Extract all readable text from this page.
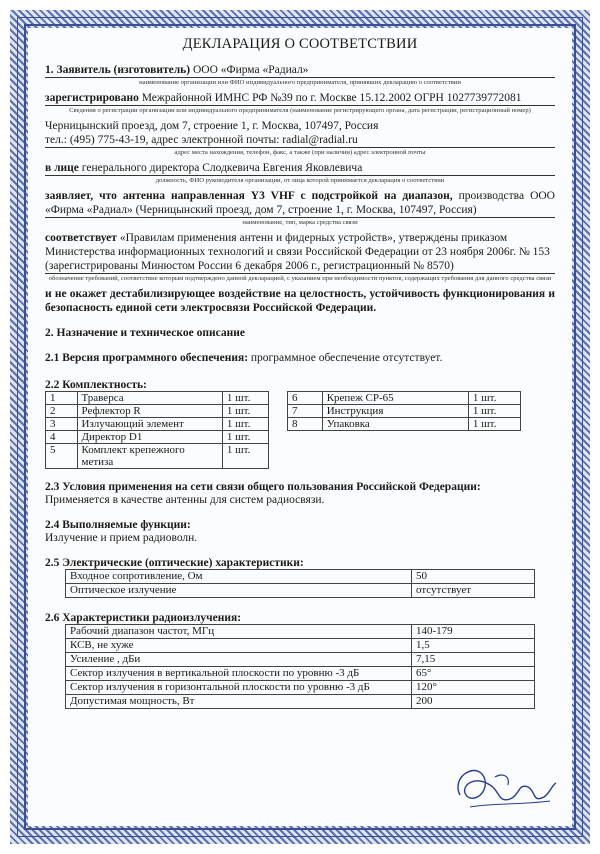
ДЕКЛАРАЦИЯ О СООТВЕТСТВИИ

1. Заявитель (изготовитель) ООО «Фирма «Радиал»

наименование организации или ФИО индивидуального предпринимателя, принявших декларацию о соответствии

зарегистрировано Межрайонной ИМНС РФ №39 по г. Москве 15.12.2002 ОГРН 1027739772081

Сведения о регистрации организации или индивидуального предпринимателя (наименование регистрирующего органа, дата регистрации, регистрационный номер)

Черницынский проезд, дом 7, строение 1, г. Москва, 107497, Россия

тел.: (495) 775-43-19, адрес электронной почты: radial@radial.ru

адрес места нахождения, телефон, факс, а также (при наличии) адрес электронной почты

в лице генерального директора Слодкевича Евгения Яковлевича

должность, ФИО руководителя организации, от лица которой принимается декларация о соответствии

заявляет, что антенна направленная Y3 VHF с подстройкой на диапазон, производства ООО «Фирма «Радиал» (Черницынский проезд, дом 7, строение 1, г. Москва, 107497, Россия)

наименование, тип, марка средства связи

соответствует «Правилам применения антенн и фидерных устройств», утверждены приказом Министерства информационных технологий и связи Российской Федерации от 23 ноября 2006г. № 153 (зарегистрированы Минюстом России 6 декабря 2006 г., регистрационный № 8570)

обозначение требований, соответствие которым подтверждено данной декларацией, с указанием при необходимости пунктов, содержащих требования для данного средства связи

и не окажет дестабилизирующее воздействие на целостность, устойчивость функционирования и безопасность единой сети электросвязи Российской Федерации.

2. Назначение и техническое описание

2.1 Версия программного обеспечения: программное обеспечение отсутствует.

2.2 Комплектность:

1	Траверса	1 шт.
2	Рефлектор R	1 шт.
3	Излучающий элемент	1 шт.
4	Директор D1	1 шт.
5	Комплект крепежного метиза	1 шт.
6	Крепеж СР-65	1 шт.
7	Инструкция	1 шт.
8	Упаковка	1 шт.

2.3 Условия применения на сети связи общего пользования Российской Федерации:

Применяется в качестве антенны для систем радиосвязи.

2.4 Выполняемые функции:

Излучение и прием радиоволн.

2.5 Электрические (оптические) характеристики:

Входное сопротивление, Ом	50
Оптическое излучение	отсутствует

2.6 Характеристики радиоизлучения:

Рабочий диапазон частот, МГц	140-179
КСВ, не хуже	1,5
Усиление , дБи	7,15
Сектор излучения в вертикальной плоскости по уровню -3 дБ	65°
Сектор излучения в горизонтальной плоскости по уровню -3 дБ	120°
Допустимая мощность, Вт	200
